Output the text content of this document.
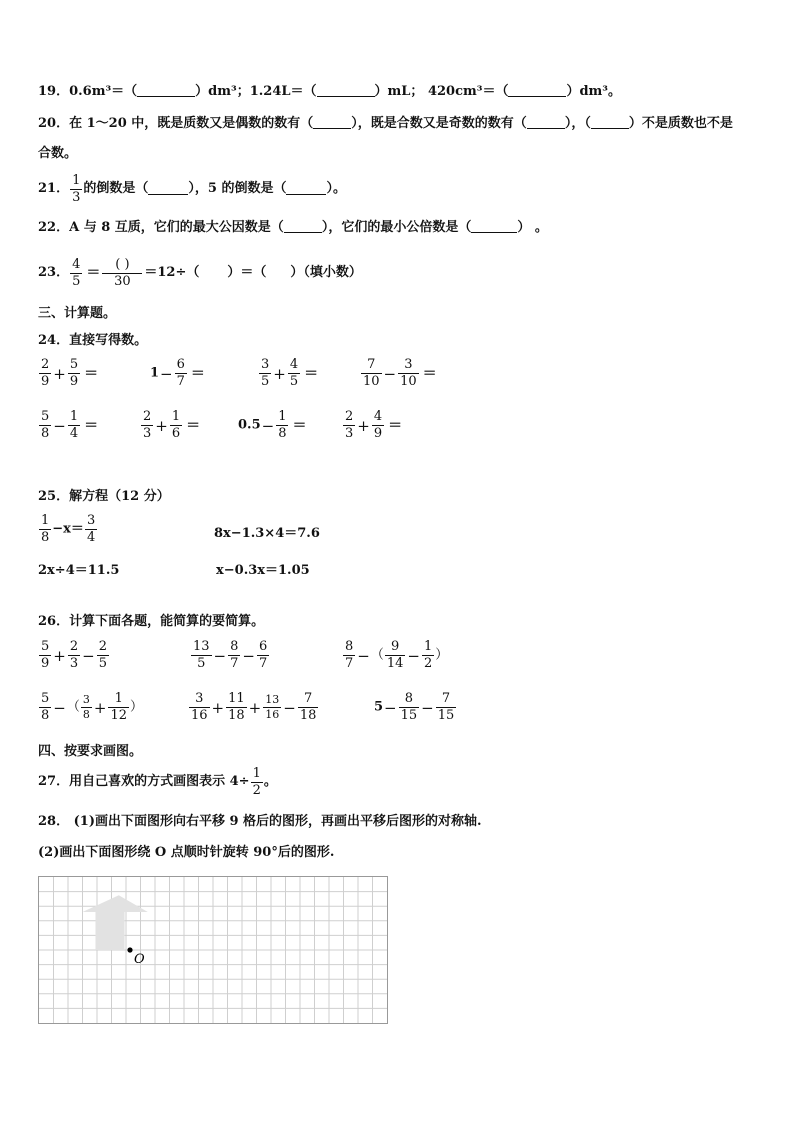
19．0.6m³＝（	）dm³；1.24L＝（	）mL； 420cm³＝（	）dm³。
20．在 1～20 中，既是质数又是偶数的数有（	），既是合数又是奇数的数有（	），（	）不是质数也不是
合数。
21． $\frac{1}{3}$ 的倒数是（	），5 的倒数是（	）。
22．A 与 8 互质，它们的最大公因数是（	），它们的最小公倍数是（	） 。
23． $\frac{4}{5} = \frac{( )}{30} =12\div$（ ）＝（ ）（填小数）
三、计算题。
24．直接写得数。
$\frac{2}{9} + \frac{5}{9}$ ＝	$1- \frac{6}{7}$ ＝	$\frac{3}{5} + \frac{4}{5}$ ＝	$\frac{7}{10} - \frac{3}{10}$ ＝
$\frac{5}{8} - \frac{1}{4}$ ＝	$\frac{2}{3} + \frac{1}{6}$ ＝	$0.5- \frac{1}{8}$ ＝	$\frac{2}{3} + \frac{4}{9}$ ＝
25．解方程（12 分）
$\frac{1}{8} -x= \frac{3}{4}$	8x−1.3×4＝7.6
2x÷4＝11.5	x−0.3x＝1.05
26．计算下面各题，能简算的要简算。
$\frac{5}{9} + \frac{2}{3} - \frac{2}{5}$	$\frac{13}{5} - \frac{8}{7} - \frac{6}{7}$	$\frac{8}{7}$ −（ $\frac{9}{14} - \frac{1}{2}$ ）
$\frac{5}{8}$ −（ $\frac{3}{8} + \frac{1}{12}$ ）	$\frac{3}{16} + \frac{11}{18} + \frac{13}{16} - \frac{7}{18}$	$5- \frac{8}{15} - \frac{7}{15}$
四、按要求画图。
27．用自己喜欢的方式画图表示 $4\div \frac{1}{2}$ 。
28． (1)画出下面图形向右平移 9 格后的图形，再画出平移后图形的对称轴.
(2)画出下面图形绕 O 点顺时针旋转 90°后的图形.
O
